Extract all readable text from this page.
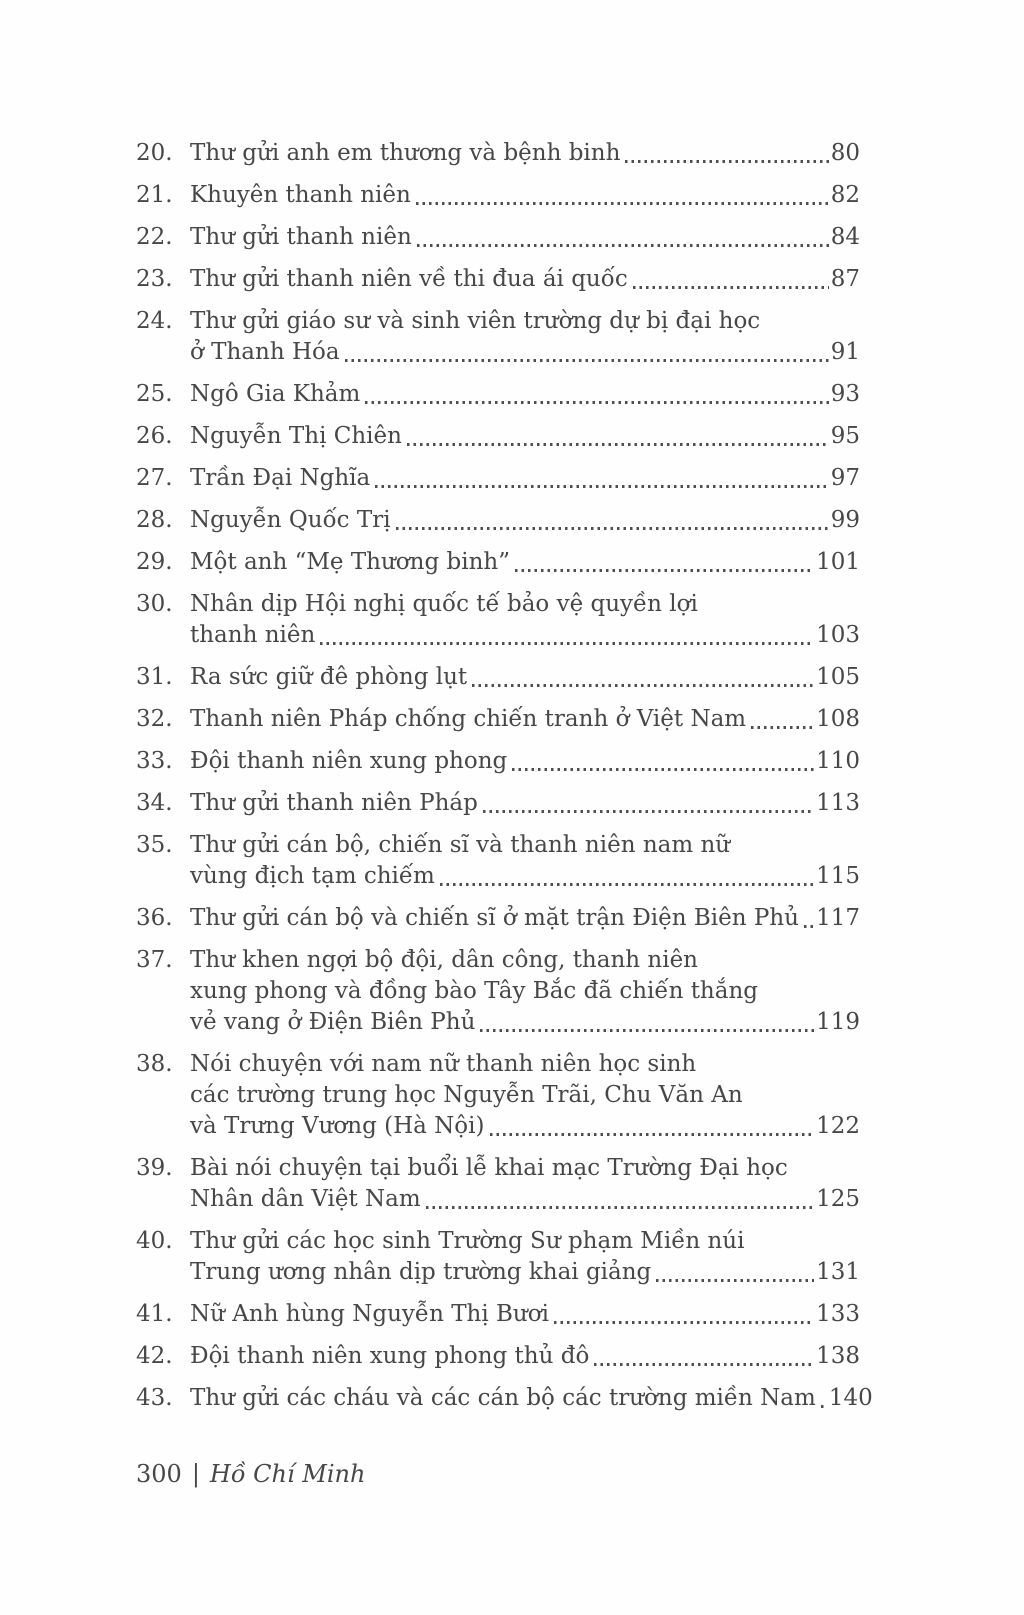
20. Thư gửi anh em thương và bệnh binh	80
21. Khuyên thanh niên	82
22. Thư gửi thanh niên	84
23. Thư gửi thanh niên về thi đua ái quốc	87
24. Thư gửi giáo sư và sinh viên trường dự bị đại học
ở Thanh Hóa	91
25. Ngô Gia Khảm	93
26. Nguyễn Thị Chiên	95
27. Trần Đại Nghĩa	97
28. Nguyễn Quốc Trị	99
29. Một anh “Mẹ Thương binh”	101
30. Nhân dịp Hội nghị quốc tế bảo vệ quyền lợi
thanh niên	103
31. Ra sức giữ đê phòng lụt	105
32. Thanh niên Pháp chống chiến tranh ở Việt Nam	108
33. Đội thanh niên xung phong	110
34. Thư gửi thanh niên Pháp	113
35. Thư gửi cán bộ, chiến sĩ và thanh niên nam nữ
vùng địch tạm chiếm	115
36. Thư gửi cán bộ và chiến sĩ ở mặt trận Điện Biên Phủ 117
37. Thư khen ngợi bộ đội, dân công, thanh niên
xung phong và đồng bào Tây Bắc đã chiến thắng
vẻ vang ở Điện Biên Phủ	119
38. Nói chuyện với nam nữ thanh niên học sinh
các trường trung học Nguyễn Trãi, Chu Văn An
và Trưng Vương (Hà Nội)	122
39. Bài nói chuyện tại buổi lễ khai mạc Trường Đại học
Nhân dân Việt Nam	125
40. Thư gửi các học sinh Trường Sư phạm Miền núi
Trung ương nhân dịp trường khai giảng	131
41. Nữ Anh hùng Nguyễn Thị Bươi	133
42. Đội thanh niên xung phong thủ đô	138
43. Thư gửi các cháu và các cán bộ các trường miền Nam 140
300 | Hồ Chí Minh
